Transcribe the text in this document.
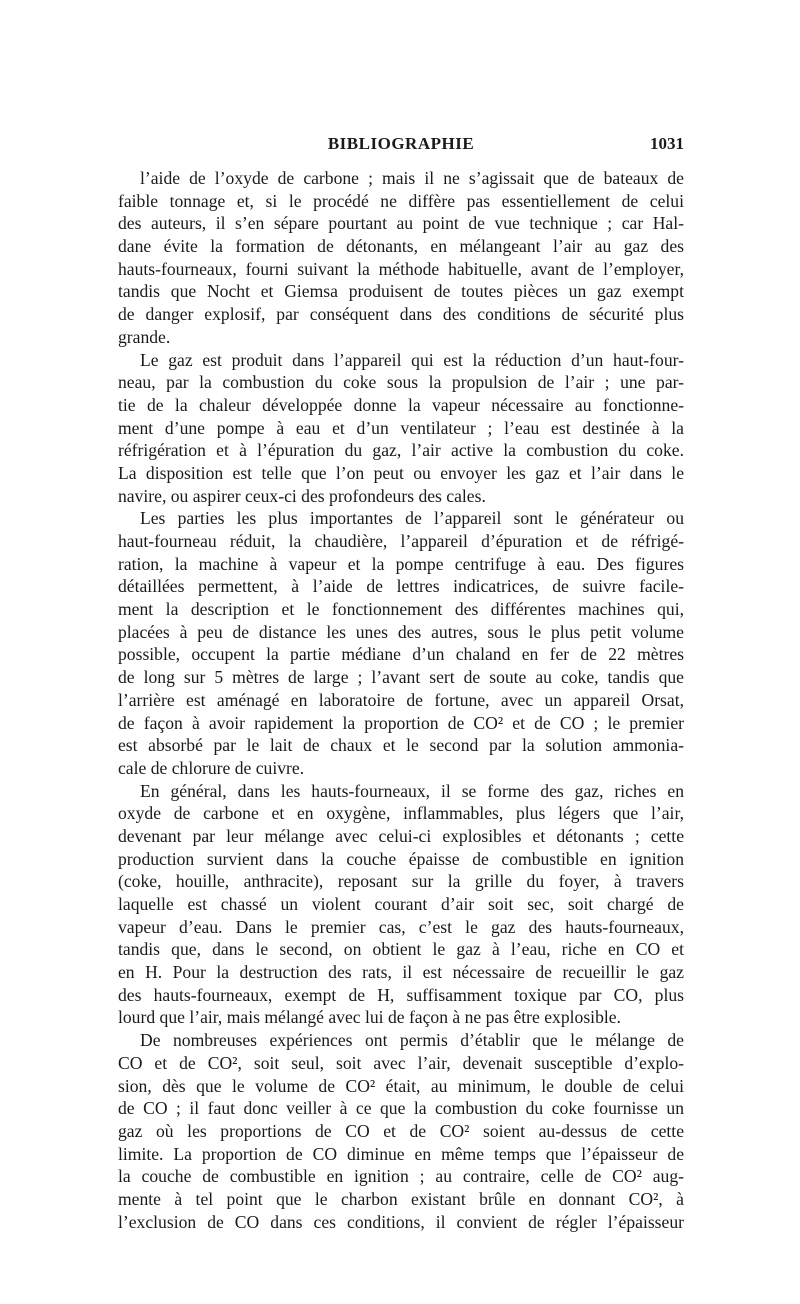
BIBLIOGRAPHIE	1031
l’aide de l’oxyde de carbone ; mais il ne s’agissait que de bateaux de
faible tonnage et, si le procédé ne diffère pas essentiellement de celui
des auteurs, il s’en sépare pourtant au point de vue technique ; car Hal-
dane évite la formation de détonants, en mélangeant l’air au gaz des
hauts-fourneaux, fourni suivant la méthode habituelle, avant de l’employer,
tandis que Nocht et Giemsa produisent de toutes pièces un gaz exempt
de danger explosif, par conséquent dans des conditions de sécurité plus
grande.
Le gaz est produit dans l’appareil qui est la réduction d’un haut-four-
neau, par la combustion du coke sous la propulsion de l’air ; une par-
tie de la chaleur développée donne la vapeur nécessaire au fonctionne-
ment d’une pompe à eau et d’un ventilateur ; l’eau est destinée à la
réfrigération et à l’épuration du gaz, l’air active la combustion du coke.
La disposition est telle que l’on peut ou envoyer les gaz et l’air dans le
navire, ou aspirer ceux-ci des profondeurs des cales.
Les parties les plus importantes de l’appareil sont le générateur ou
haut-fourneau réduit, la chaudière, l’appareil d’épuration et de réfrigé-
ration, la machine à vapeur et la pompe centrifuge à eau. Des figures
détaillées permettent, à l’aide de lettres indicatrices, de suivre facile-
ment la description et le fonctionnement des différentes machines qui,
placées à peu de distance les unes des autres, sous le plus petit volume
possible, occupent la partie médiane d’un chaland en fer de 22 mètres
de long sur 5 mètres de large ; l’avant sert de soute au coke, tandis que
l’arrière est aménagé en laboratoire de fortune, avec un appareil Orsat,
de façon à avoir rapidement la proportion de CO² et de CO ; le premier
est absorbé par le lait de chaux et le second par la solution ammonia-
cale de chlorure de cuivre.
En général, dans les hauts-fourneaux, il se forme des gaz, riches en
oxyde de carbone et en oxygène, inflammables, plus légers que l’air,
devenant par leur mélange avec celui-ci explosibles et détonants ; cette
production survient dans la couche épaisse de combustible en ignition
(coke, houille, anthracite), reposant sur la grille du foyer, à travers
laquelle est chassé un violent courant d’air soit sec, soit chargé de
vapeur d’eau. Dans le premier cas, c’est le gaz des hauts-fourneaux,
tandis que, dans le second, on obtient le gaz à l’eau, riche en CO et
en H. Pour la destruction des rats, il est nécessaire de recueillir le gaz
des hauts-fourneaux, exempt de H, suffisamment toxique par CO, plus
lourd que l’air, mais mélangé avec lui de façon à ne pas être explosible.
De nombreuses expériences ont permis d’établir que le mélange de
CO et de CO², soit seul, soit avec l’air, devenait susceptible d’explo-
sion, dès que le volume de CO² était, au minimum, le double de celui
de CO ; il faut donc veiller à ce que la combustion du coke fournisse un
gaz où les proportions de CO et de CO² soient au-dessus de cette
limite. La proportion de CO diminue en même temps que l’épaisseur de
la couche de combustible en ignition ; au contraire, celle de CO² aug-
mente à tel point que le charbon existant brûle en donnant CO², à
l’exclusion de CO dans ces conditions, il convient de régler l’épaisseur
